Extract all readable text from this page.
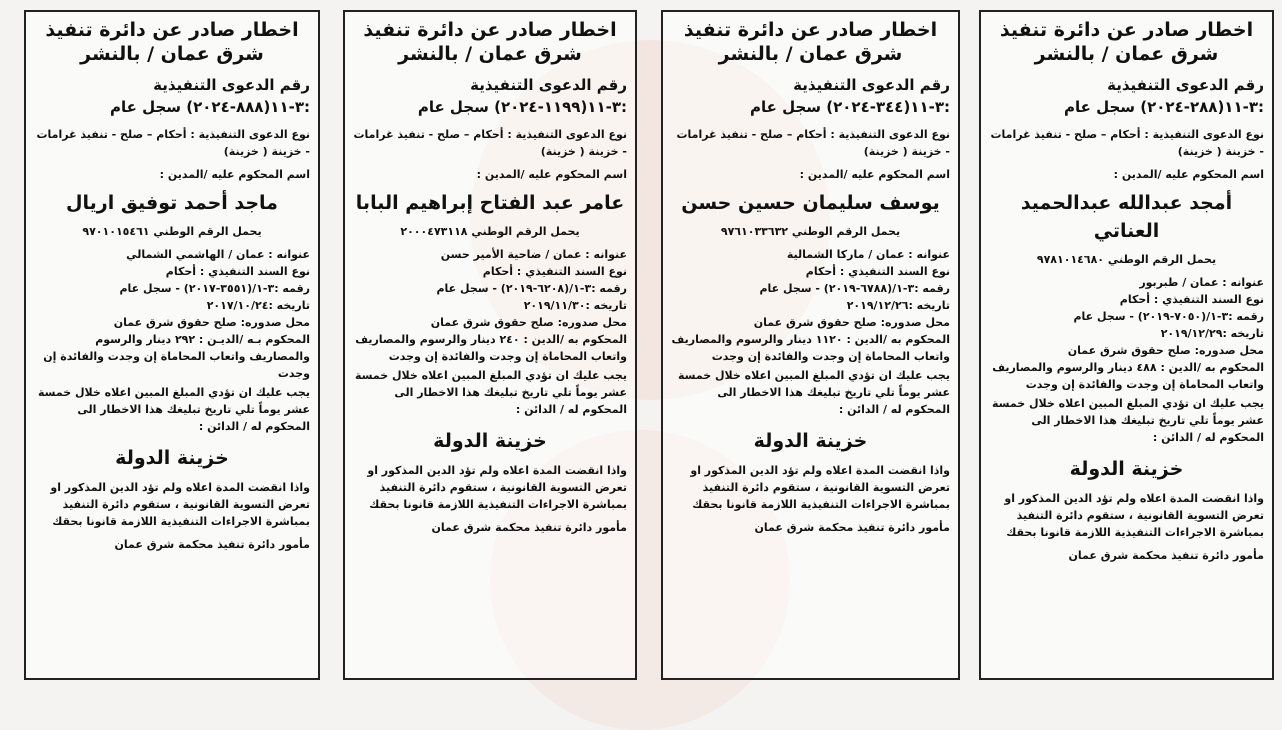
اخطار صادر عن دائرة تنفيذ شرق عمان / بالنشر
رقم الدعوى التنفيذية :٣-١١(٢٨٨-٢٠٢٤) سجل عام
نوع الدعوى التنفيذية : أحكام – صلح - تنفيذ غرامات - خزينة ( خزينة)
اسم المحكوم عليه /المدين :
أمجد عبدالله عبدالحميد العناتي
يحمل الرقم الوطني ٩٧٨١٠١٤٦٨٠
عنوانه : عمان / طبربور
نوع السند التنفيذي : أحكام
رقمه :٣-١/(٧٠٥٠-٢٠١٩) - سجل عام
تاريخه :٢٠١٩/١٢/٢٩
محل صدوره: صلح حقوق شرق عمان
المحكوم به /الدين : ٤٨٨ دينار والرسوم والمصاريف واتعاب المحاماة إن وجدت والفائدة إن وجدت
يجب عليك ان تؤدي المبلغ المبين اعلاه خلال خمسة عشر يوماً تلي تاريخ تبليغك هذا الاخطار الى المحكوم له / الدائن :
خزينة الدولة
واذا انقضت المدة اعلاه ولم تؤد الدين المذكور او تعرض التسوية القانونية ، ستقوم دائرة التنفيذ بمباشرة الاجراءات التنفيذية اللازمة قانونا بحقك
مأمور دائرة تنفيذ محكمة شرق عمان
اخطار صادر عن دائرة تنفيذ شرق عمان / بالنشر
رقم الدعوى التنفيذية :٣-١١(٣٤٤-٢٠٢٤) سجل عام
نوع الدعوى التنفيذية : أحكام – صلح - تنفيذ غرامات - خزينة ( خزينة)
اسم المحكوم عليه /المدين :
يوسف سليمان حسين حسن
يحمل الرقم الوطني ٩٧٦١٠٣٣٦٣٢
عنوانه : عمان / ماركا الشمالية
نوع السند التنفيذي : أحكام
رقمه :٣-١/(٦٧٨٨-٢٠١٩) - سجل عام
تاريخه :٢٠١٩/١٢/٢٦
محل صدوره: صلح حقوق شرق عمان
المحكوم به /الدين : ١١٢٠ دينار والرسوم والمصاريف واتعاب المحاماة إن وجدت والفائدة إن وجدت
يجب عليك ان تؤدي المبلغ المبين اعلاه خلال خمسة عشر يوماً تلي تاريخ تبليغك هذا الاخطار الى المحكوم له / الدائن :
خزينة الدولة
واذا انقضت المدة اعلاه ولم تؤد الدين المذكور او تعرض التسوية القانونية ، ستقوم دائرة التنفيذ بمباشرة الاجراءات التنفيذية اللازمة قانونا بحقك
مأمور دائرة تنفيذ محكمة شرق عمان
اخطار صادر عن دائرة تنفيذ شرق عمان / بالنشر
رقم الدعوى التنفيذية :٣-١١(١١٩٩-٢٠٢٤) سجل عام
نوع الدعوى التنفيذية : أحكام – صلح - تنفيذ غرامات - خزينة ( خزينة)
اسم المحكوم عليه /المدين :
عامر عبد الفتاح إبراهيم البابا
يحمل الرقم الوطني ٢٠٠٠٤٧٣١١٨
عنوانه : عمان / ضاحية الأمير حسن
نوع السند التنفيذي : أحكام
رقمه :٣-١/(٦٢٠٨-٢٠١٩) - سجل عام
تاريخه :٢٠١٩/١١/٣٠
محل صدوره: صلح حقوق شرق عمان
المحكوم به /الدين : ٢٤٠ دينار والرسوم والمصاريف واتعاب المحاماة إن وجدت والفائدة إن وجدت
يجب عليك ان تؤدي المبلغ المبين اعلاه خلال خمسة عشر يوماً تلي تاريخ تبليغك هذا الاخطار الى المحكوم له / الدائن :
خزينة الدولة
واذا انقضت المدة اعلاه ولم تؤد الدين المذكور او تعرض التسوية القانونية ، ستقوم دائرة التنفيذ بمباشرة الاجراءات التنفيذية اللازمة قانونا بحقك
مأمور دائرة تنفيذ محكمة شرق عمان
اخطار صادر عن دائرة تنفيذ شرق عمان / بالنشر
رقم الدعوى التنفيذية :٣-١١(٨٨٨-٢٠٢٤) سجل عام
نوع الدعوى التنفيذية : أحكام – صلح - تنفيذ غرامات - خزينة ( خزينة)
اسم المحكوم عليه /المدين :
ماجد أحمد توفيق اريال
يحمل الرقم الوطني ٩٧٠١٠١٥٤٦١
عنوانه : عمان / الهاشمي الشمالي
نوع السند التنفيذي : أحكام
رقمه :٣-١/(٣٥٥١-٢٠١٧) - سجل عام
تاريخه :٢٠١٧/١٠/٢٤
محل صدوره: صلح حقوق شرق عمان
المحكوم بـه /الديـن : ٢٩٢ دينار والرسوم والمصاريف واتعاب المحاماة إن وجدت والفائدة إن وجدت
يجب عليك ان تؤدي المبلغ المبين اعلاه خلال خمسة عشر يوماً تلي تاريخ تبليغك هذا الاخطار الى المحكوم له / الدائن :
خزينة الدولة
واذا انقضت المدة اعلاه ولم تؤد الدين المذكور او تعرض التسوية القانونية ، ستقوم دائرة التنفيذ بمباشرة الاجراءات التنفيذية اللازمة قانونا بحقك
مأمور دائرة تنفيذ محكمة شرق عمان
